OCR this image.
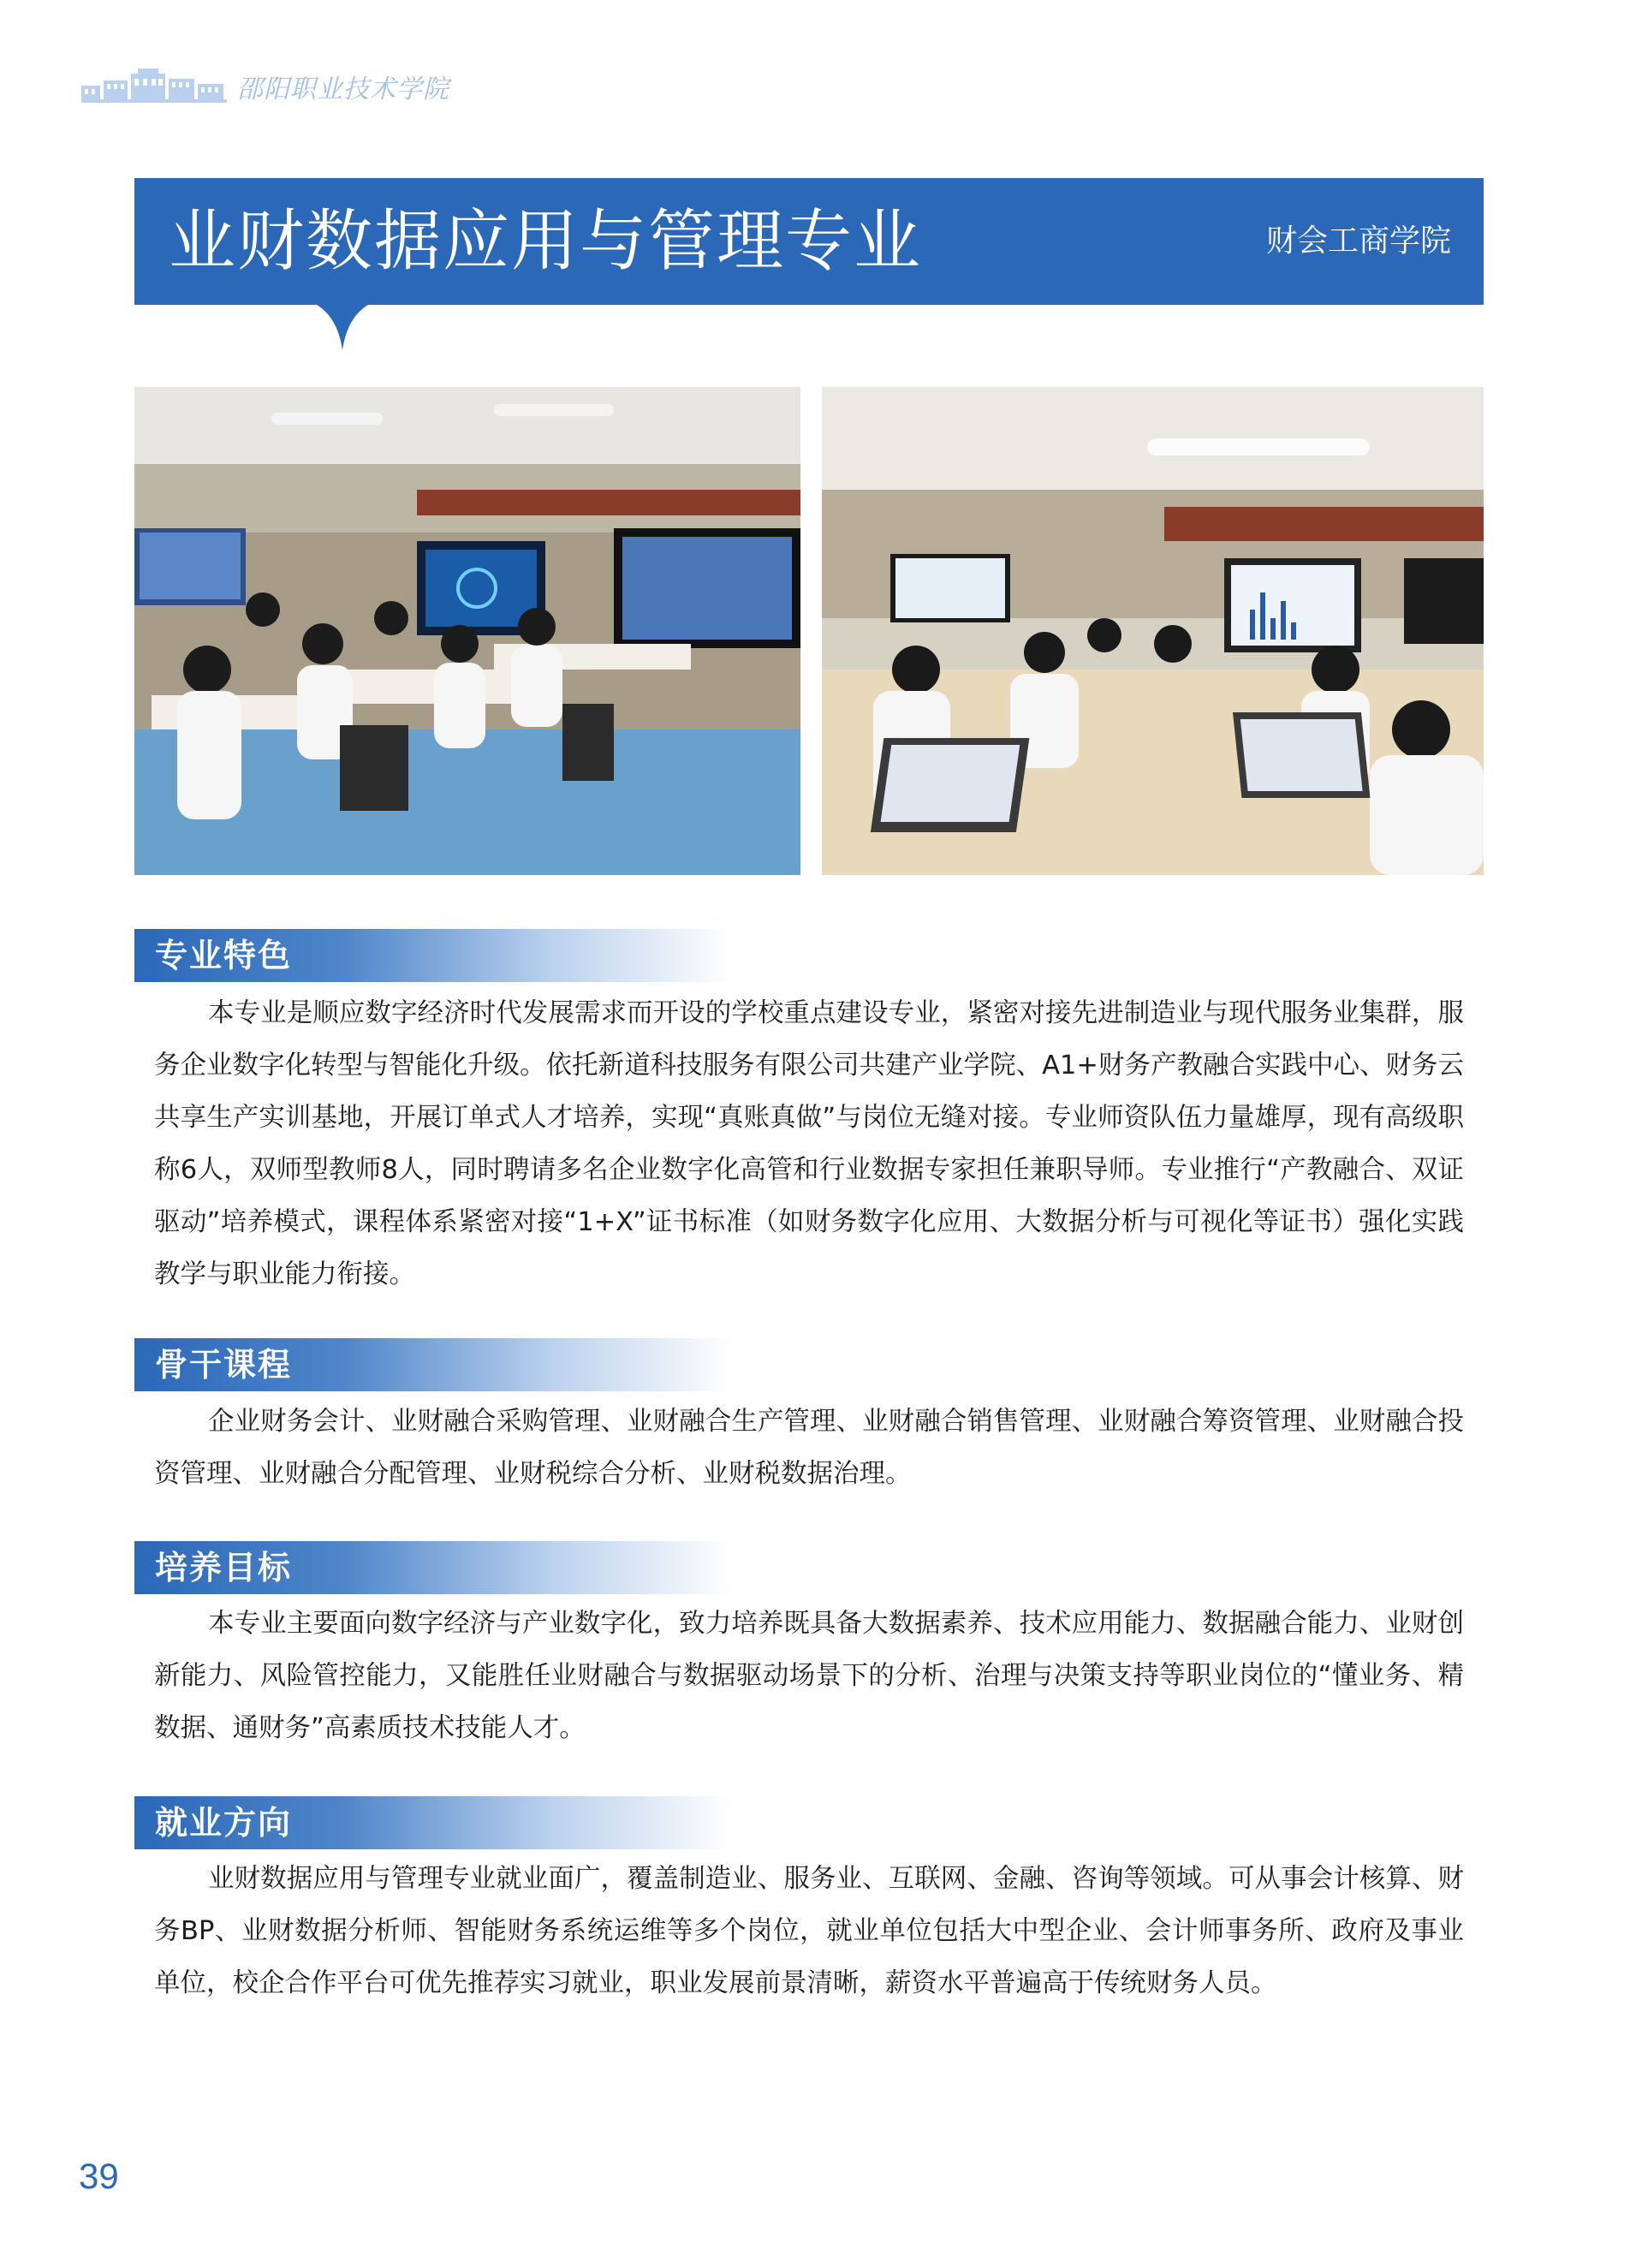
邵阳职业技术学院
业财数据应用与管理专业	财会工商学院
专业特色

本专业是顺应数字经济时代发展需求而开设的学校重点建设专业，紧密对接先进制造业与现代服务业集群，服务企业数字化转型与智能化升级。依托新道科技服务有限公司共建产业学院、A1+财务产教融合实践中心、财务云共享生产实训基地，开展订单式人才培养，实现“真账真做”与岗位无缝对接。专业师资队伍力量雄厚，现有高级职称6人，双师型教师8人，同时聘请多名企业数字化高管和行业数据专家担任兼职导师。专业推行“产教融合、双证驱动”培养模式，课程体系紧密对接“1+X”证书标准（如财务数字化应用、大数据分析与可视化等证书）强化实践教学与职业能力衔接。

骨干课程

企业财务会计、业财融合采购管理、业财融合生产管理、业财融合销售管理、业财融合筹资管理、业财融合投资管理、业财融合分配管理、业财税综合分析、业财税数据治理。

培养目标

本专业主要面向数字经济与产业数字化，致力培养既具备大数据素养、技术应用能力、数据融合能力、业财创新能力、风险管控能力，又能胜任业财融合与数据驱动场景下的分析、治理与决策支持等职业岗位的“懂业务、精数据、通财务”高素质技术技能人才。

就业方向

业财数据应用与管理专业就业面广，覆盖制造业、服务业、互联网、金融、咨询等领域。可从事会计核算、财务BP、业财数据分析师、智能财务系统运维等多个岗位，就业单位包括大中型企业、会计师事务所、政府及事业单位，校企合作平台可优先推荐实习就业，职业发展前景清晰，薪资水平普遍高于传统财务人员。

39
